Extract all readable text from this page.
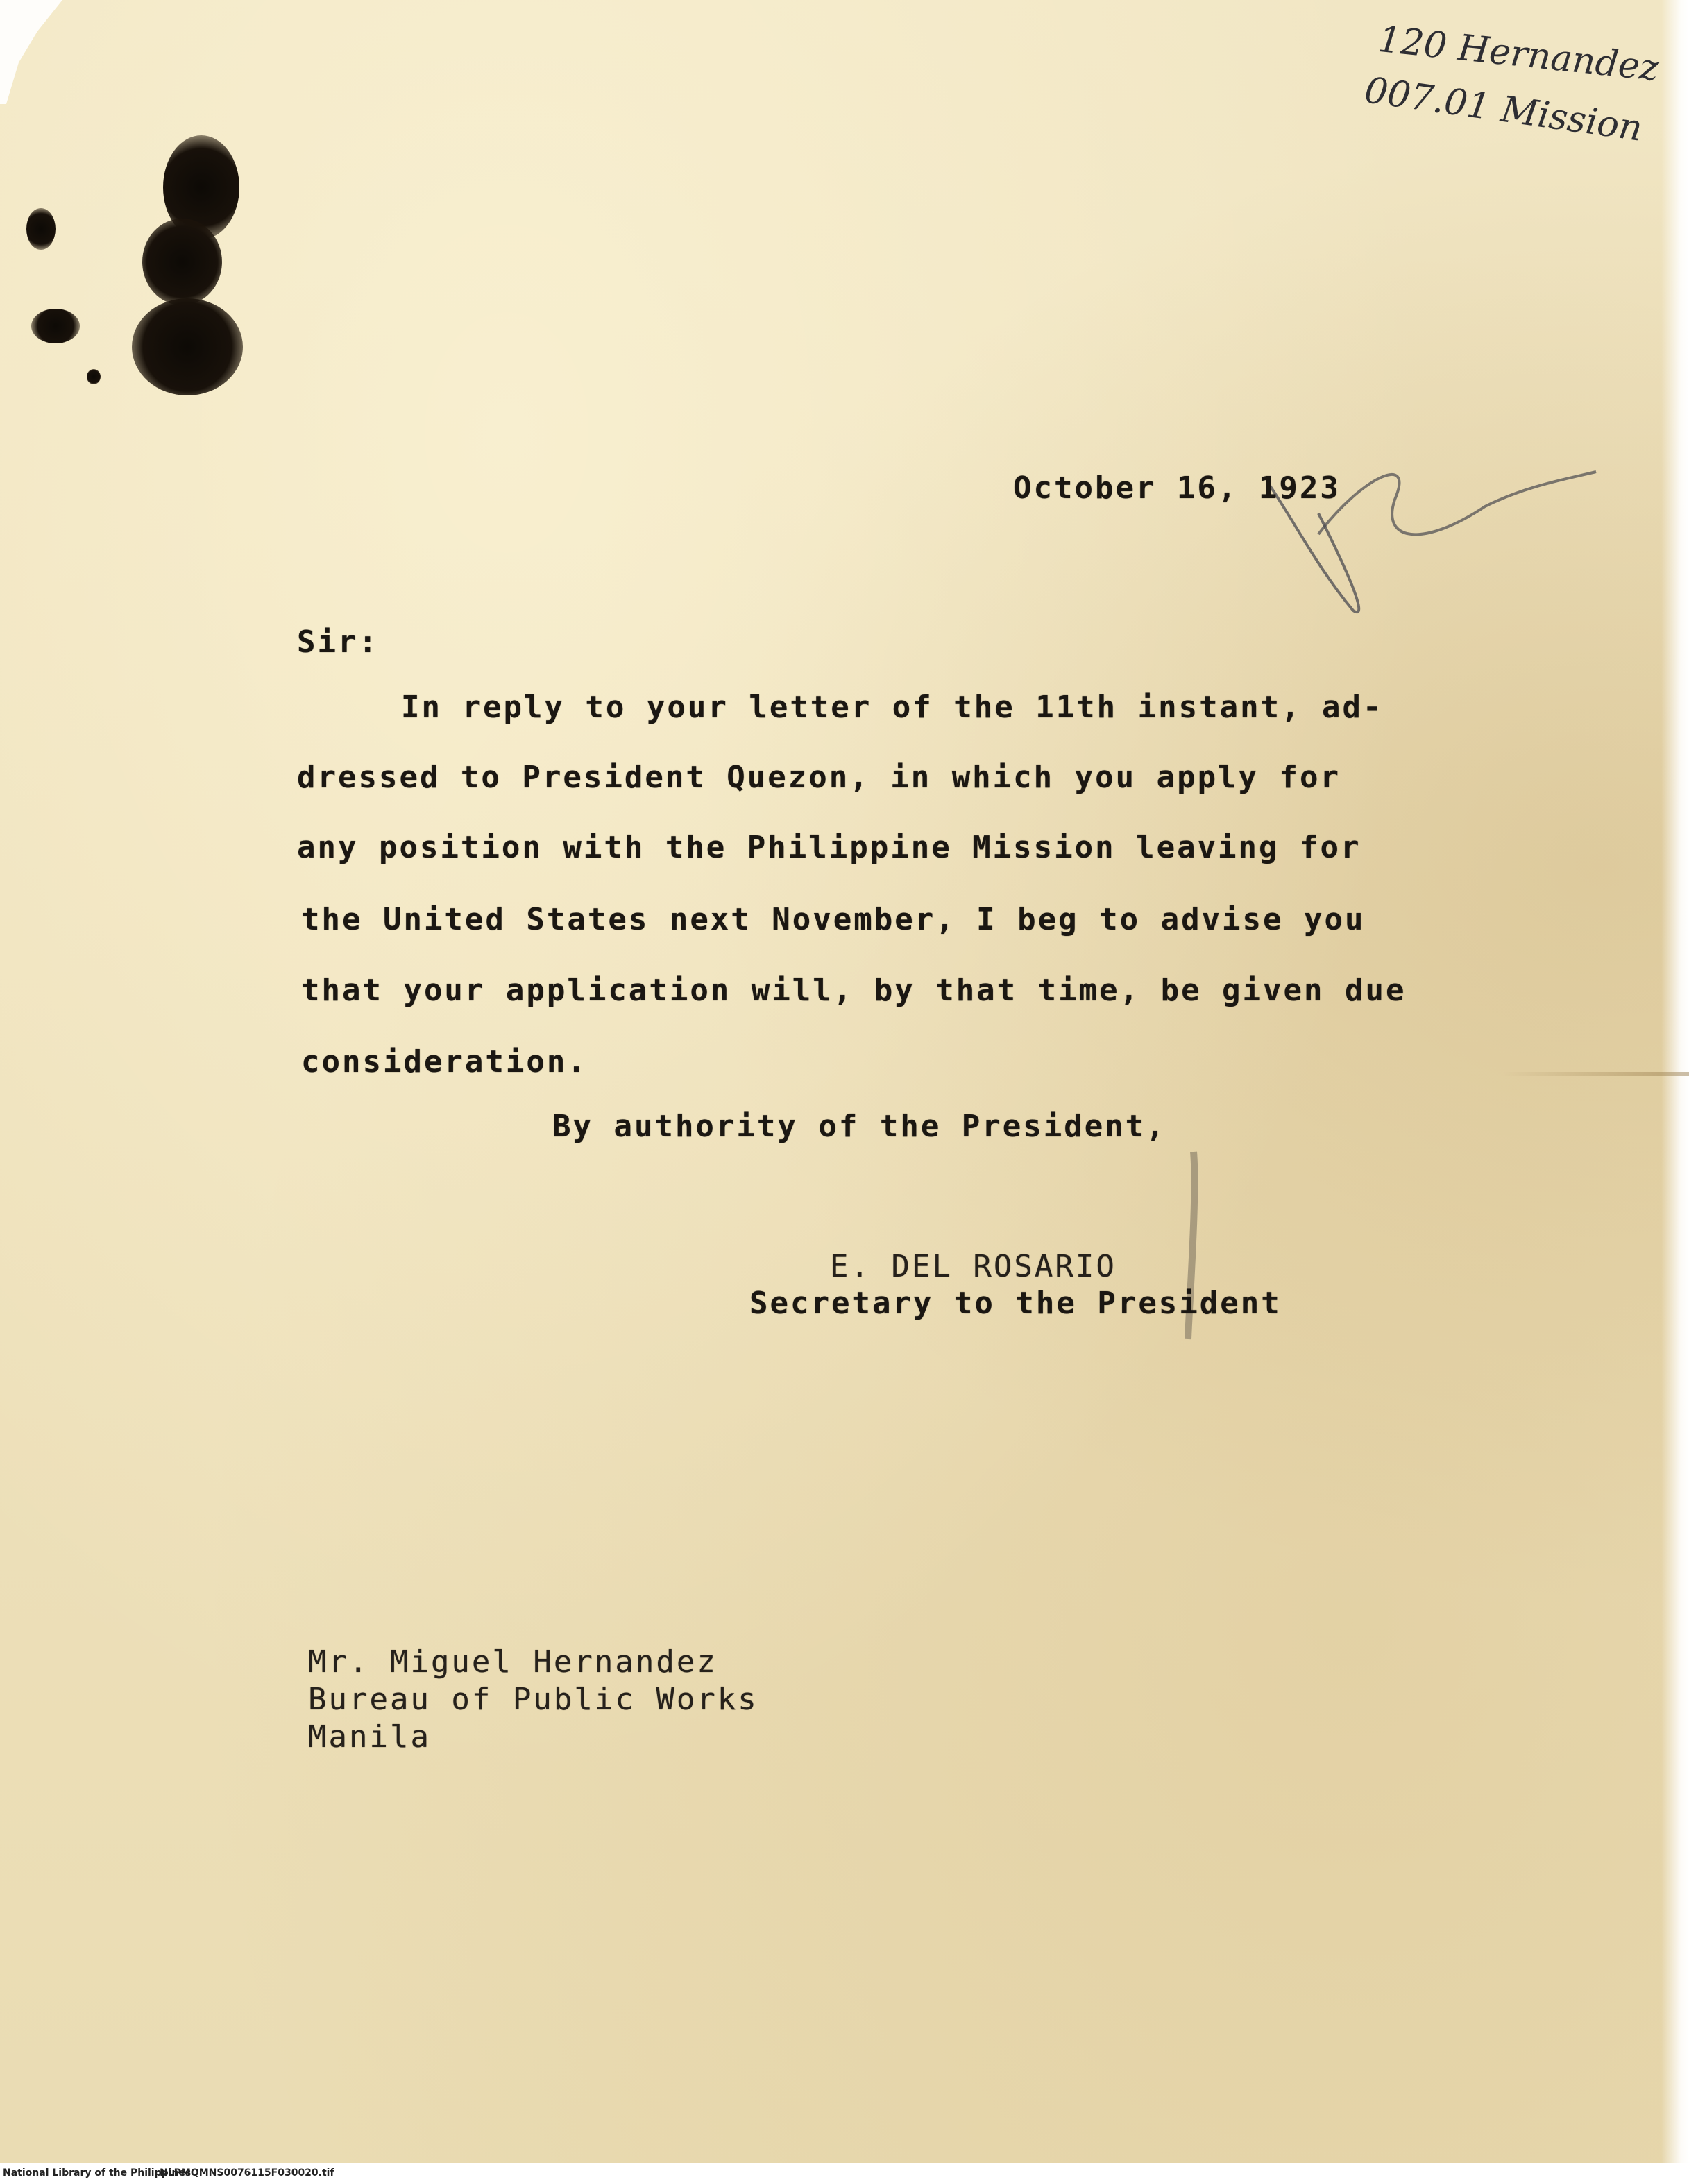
120 Hernandez
007.01 Mission
October 16, 1923
Sir:
In reply to your letter of the 11th instant, ad-
dressed to President Quezon, in which you apply for
any position with the Philippine Mission leaving for
the United States next November, I beg to advise you
that your application will, by that time, be given due
consideration.
By authority of the President,
E. DEL ROSARIO
Secretary to the President
Mr. Miguel Hernandez
Bureau of Public Works
Manila
National Library of the Philippines
NLPMQMNS0076115F030020.tif
